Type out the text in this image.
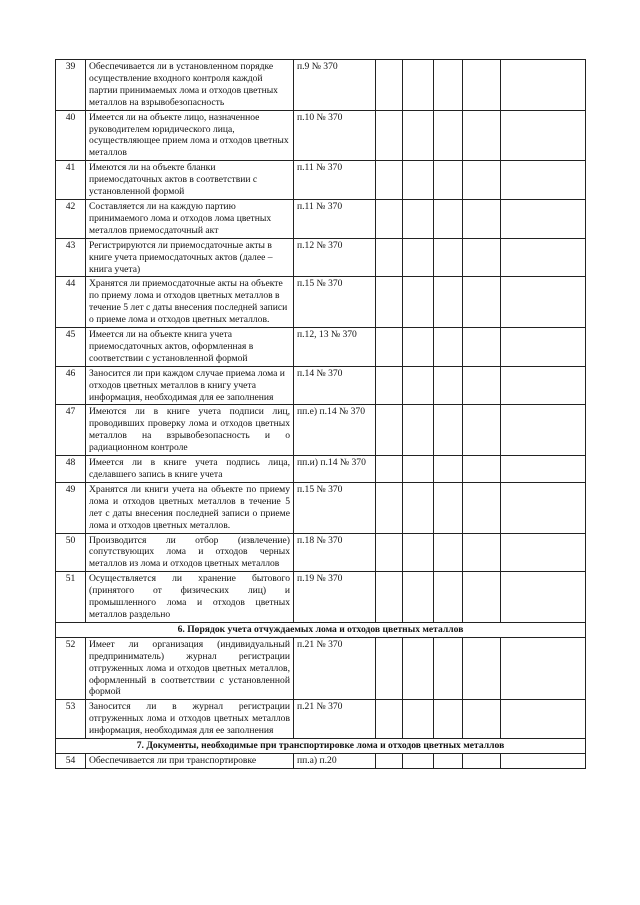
39	Обеспечивается ли в установленном порядке осуществление входного контроля каждой партии принимаемых лома и отходов цветных металлов на взрывобезопасность	п.9 № 370					
40	Имеется ли на объекте лицо, назначенное руководителем юридического лица, осуществляющее прием лома и отходов цветных металлов	п.10 № 370					
41	Имеются ли на объекте бланки приемосдаточных актов в соответствии с установленной формой	п.11 № 370					
42	Составляется ли на каждую партию принимаемого лома и отходов лома цветных металлов приемосдаточный акт	п.11 № 370					
43	Регистрируются ли приемосдаточные акты в книге учета приемосдаточных актов (далее – книга учета)	п.12 № 370					
44	Хранятся ли приемосдаточные акты на объекте по приему лома и отходов цветных металлов в течение 5 лет с даты внесения последней записи о приеме лома и отходов цветных металлов.	п.15 № 370					
45	Имеется ли на объекте книга учета приемосдаточных актов, оформленная в соответствии с установленной формой	п.12, 13 № 370					
46	Заносится ли при каждом случае приема лома и отходов цветных металлов в книгу учета информация, необходимая для ее заполнения	п.14 № 370					
47	Имеются ли в книге учета подписи лиц, проводивших проверку лома и отходов цветных металлов на взрывобезопасность и о радиационном контроле	пп.е) п.14 № 370					
48	Имеется ли в книге учета подпись лица, сделавшего запись в книге учета	пп.и) п.14 № 370					
49	Хранятся ли книги учета на объекте по приему лома и отходов цветных металлов в течение 5 лет с даты внесения последней записи о приеме лома и отходов цветных металлов.	п.15 № 370					
50	Производится ли отбор (извлечение) сопутствующих лома и отходов черных металлов из лома и отходов цветных металлов	п.18 № 370					
51	Осуществляется ли хранение бытового (принятого от физических лиц) и промышленного лома и отходов цветных металлов раздельно	п.19 № 370					
6. Порядок учета отчуждаемых лома и отходов цветных металлов							
52	Имеет ли организация (индивидуальный предприниматель) журнал регистрации отгруженных лома и отходов цветных металлов, оформленный в соответствии с установленной формой	п.21 № 370					
53	Заносится ли в журнал регистрации отгруженных лома и отходов цветных металлов информация, необходимая для ее заполнения	п.21 № 370					
7. Документы, необходимые при транспортировке лома и отходов цветных металлов							
54	Обеспечивается ли при транспортировке	пп.а) п.20					
